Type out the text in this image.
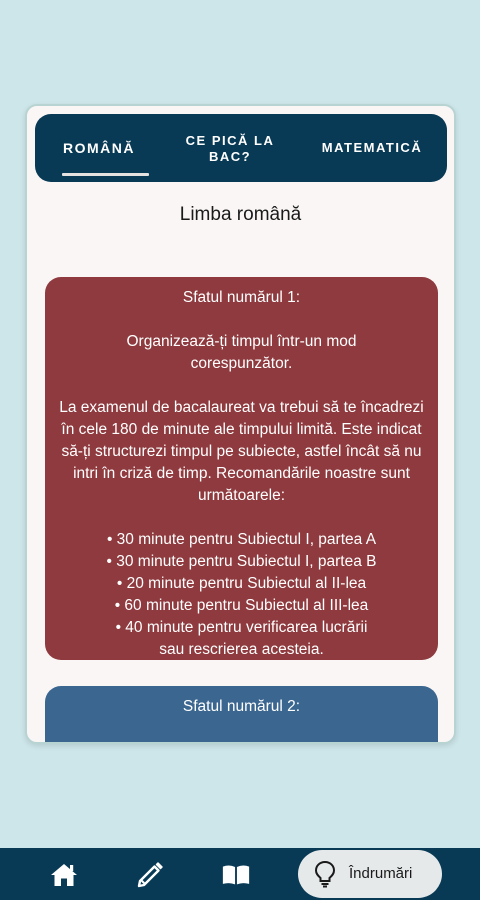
ROMÂNĂ	CE PICĂ LA BAC?
MATEMATICĂ
Limba română

Sfatul numărul 1:

Organizează-ți timpul într-un mod corespunzător.

La examenul de bacalaureat va trebui să te încadrezi în cele 180 de minute ale timpului limită. Este indicat să-ți structurezi timpul pe subiecte, astfel încât să nu intri în criză de timp. Recomandările noastre sunt următoarele:

• 30 minute pentru Subiectul I, partea A

• 30 minute pentru Subiectul I, partea B

• 20 minute pentru Subiectul al II-lea

• 60 minute pentru Subiectul al III-lea

• 40 minute pentru verificarea lucrării sau rescrierea acesteia.

Sfatul numărul 2:

Îndrumări
